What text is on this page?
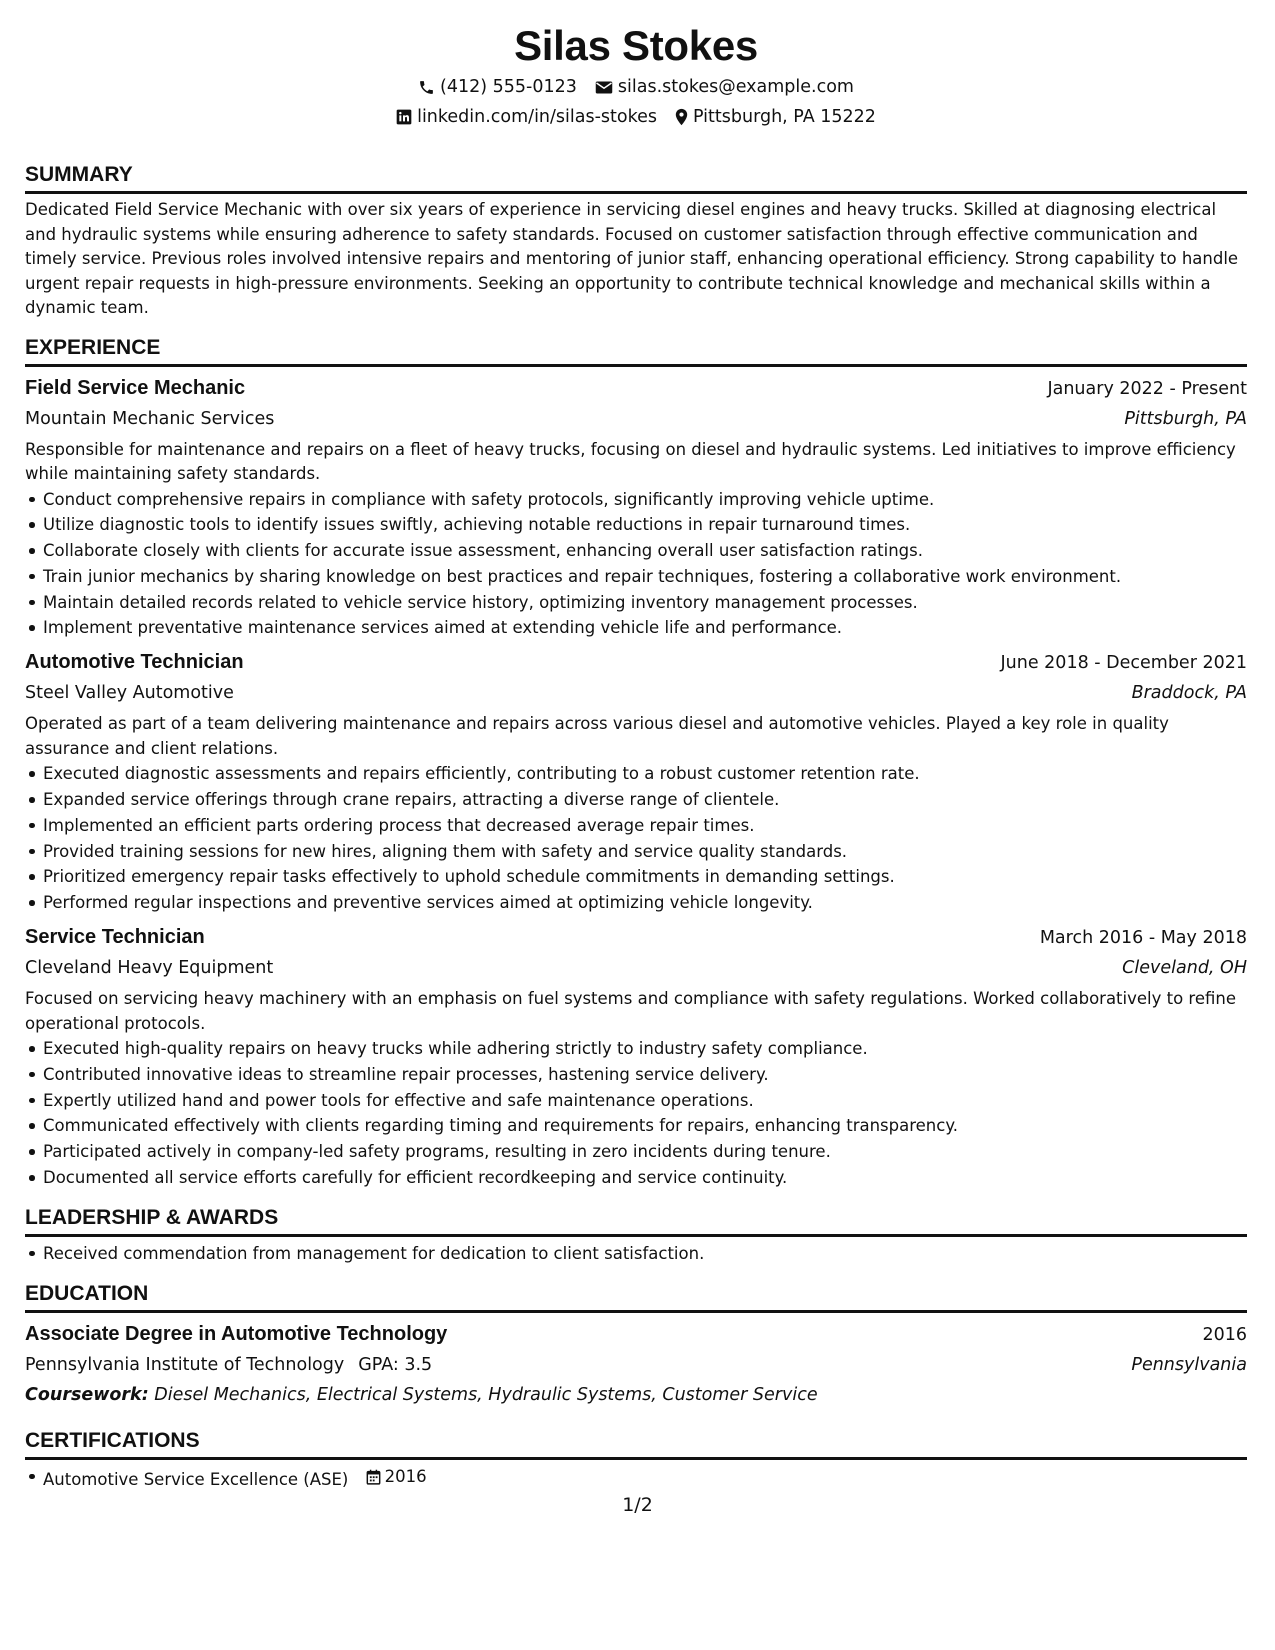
Silas Stokes
(412) 555-0123 silas.stokes@example.com
linkedin.com/in/silas-stokes Pittsburgh, PA 15222
SUMMARY

Dedicated Field Service Mechanic with over six years of experience in servicing diesel engines and heavy trucks. Skilled at diagnosing electrical and hydraulic systems while ensuring adherence to safety standards. Focused on customer satisfaction through effective communication and timely service. Previous roles involved intensive repairs and mentoring of junior staff, enhancing operational efficiency. Strong capability to handle urgent repair requests in high-pressure environments. Seeking an opportunity to contribute technical knowledge and mechanical skills within a dynamic team.

EXPERIENCE
Field Service Mechanic	January 2022 - Present
Mountain Mechanic Services	Pittsburgh, PA

Responsible for maintenance and repairs on a fleet of heavy trucks, focusing on diesel and hydraulic systems. Led initiatives to improve efficiency while maintaining safety standards.

Conduct comprehensive repairs in compliance with safety protocols, significantly improving vehicle uptime.
Utilize diagnostic tools to identify issues swiftly, achieving notable reductions in repair turnaround times.
Collaborate closely with clients for accurate issue assessment, enhancing overall user satisfaction ratings.
Train junior mechanics by sharing knowledge on best practices and repair techniques, fostering a collaborative work environment.
Maintain detailed records related to vehicle service history, optimizing inventory management processes.
Implement preventative maintenance services aimed at extending vehicle life and performance.
Automotive Technician	June 2018 - December 2021
Steel Valley Automotive	Braddock, PA

Operated as part of a team delivering maintenance and repairs across various diesel and automotive vehicles. Played a key role in quality assurance and client relations.

Executed diagnostic assessments and repairs efficiently, contributing to a robust customer retention rate.
Expanded service offerings through crane repairs, attracting a diverse range of clientele.
Implemented an efficient parts ordering process that decreased average repair times.
Provided training sessions for new hires, aligning them with safety and service quality standards.
Prioritized emergency repair tasks effectively to uphold schedule commitments in demanding settings.
Performed regular inspections and preventive services aimed at optimizing vehicle longevity.
Service Technician	March 2016 - May 2018
Cleveland Heavy Equipment	Cleveland, OH

Focused on servicing heavy machinery with an emphasis on fuel systems and compliance with safety regulations. Worked collaboratively to refine operational protocols.

Executed high-quality repairs on heavy trucks while adhering strictly to industry safety compliance.
Contributed innovative ideas to streamline repair processes, hastening service delivery.
Expertly utilized hand and power tools for effective and safe maintenance operations.
Communicated effectively with clients regarding timing and requirements for repairs, enhancing transparency.
Participated actively in company-led safety programs, resulting in zero incidents during tenure.
Documented all service efforts carefully for efficient recordkeeping and service continuity.
LEADERSHIP & AWARDS
Received commendation from management for dedication to client satisfaction.
EDUCATION
Associate Degree in Automotive Technology	2016
Pennsylvania Institute of Technology GPA: 3.5	Pennsylvania
Coursework: Diesel Mechanics, Electrical Systems, Hydraulic Systems, Customer Service
CERTIFICATIONS
Automotive Service Excellence (ASE) 2016
1/2
